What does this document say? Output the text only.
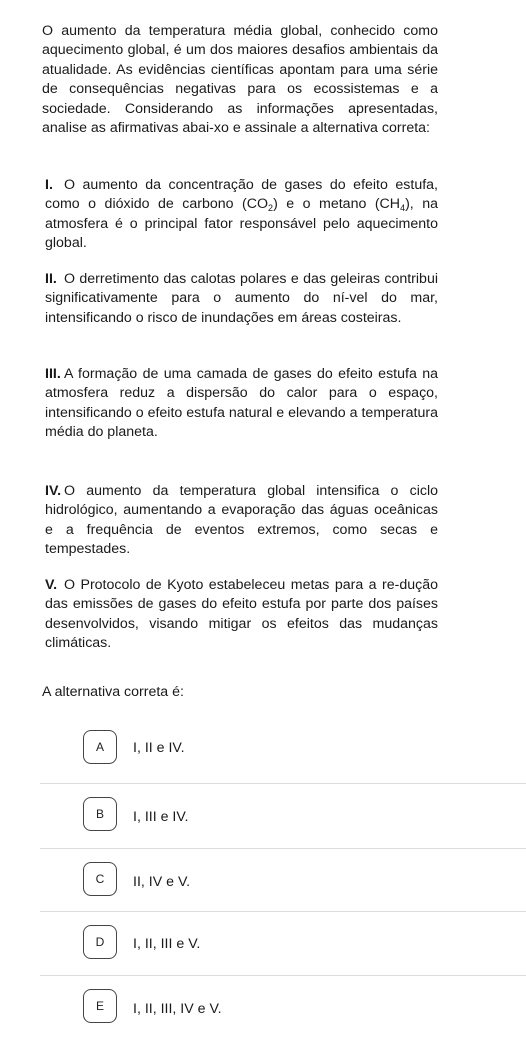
O aumento da temperatura média global, conhecido como aquecimento global, é um dos maiores desafios ambientais da atualidade. As evidências científicas apontam para uma série de consequências negativas para os ecossistemas e a sociedade. Considerando as informações apresentadas, analise as afirmativas abai-xo e assinale a alternativa correta:
I. O aumento da concentração de gases do efeito estufa, como o dióxido de carbono $(CO_2)$ e o metano $(CH_4)$, na atmosfera é o principal fator responsável pelo aquecimento global.
II. O derretimento das calotas polares e das geleiras contribui significativamente para o aumento do ní-vel do mar, intensificando o risco de inundações em áreas costeiras.
III. A formação de uma camada de gases do efeito estufa na atmosfera reduz a dispersão do calor para o espaço, intensificando o efeito estufa natural e elevando a temperatura média do planeta.
IV. O aumento da temperatura global intensifica o ciclo hidrológico, aumentando a evaporação das águas oceânicas e a frequência de eventos extremos, como secas e tempestades.
V. O Protocolo de Kyoto estabeleceu metas para a re-dução das emissões de gases do efeito estufa por parte dos países desenvolvidos, visando mitigar os efeitos das mudanças climáticas.
A alternativa correta é:
A	I, II e IV.
B	I, III e IV.
C	II, IV e V.
D	I, II, III e V.
E	I, II, III, IV e V.
